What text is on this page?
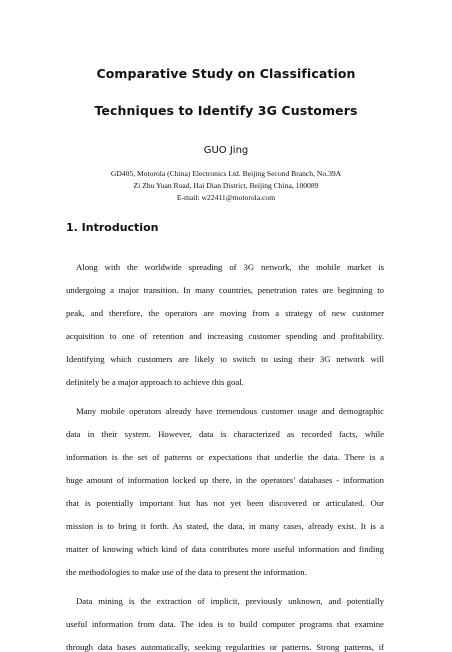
Comparative Study on Classification
Techniques to Identify 3G Customers
GUO Jing
GD405, Motorola (China) Electronics Ltd. Beijing Second Branch, No.39A
Zi Zhu Yuan Road, Hai Dian District, Beijing China, 100089
E-mail: w22411@motorola.com
1. Introduction
Along with the worldwide spreading of 3G network, the mobile market is
undergoing a major transition. In many countries, penetration rates are beginning to
peak, and therefore, the operators are moving from a strategy of new customer
acquisition to one of retention and increasing customer spending and profitability.
Identifying which customers are likely to switch to using their 3G network will
definitely be a major approach to achieve this goal.
Many mobile operators already have tremendous customer usage and demographic
data in their system. However, data is characterized as recorded facts, while
information is the set of patterns or expectations that underlie the data. There is a
huge amount of information locked up there, in the operators’ databases - information
that is potentially important but has not yet been discovered or articulated. Our
mission is to bring it forth. As stated, the data, in many cases, already exist. It is a
matter of knowing which kind of data contributes more useful information and finding
the methodologies to make use of the data to present the information.
Data mining is the extraction of implicit, previously unknown, and potentially
useful information from data. The idea is to build computer programs that examine
through data bases automatically, seeking regularities or patterns. Strong patterns, if
